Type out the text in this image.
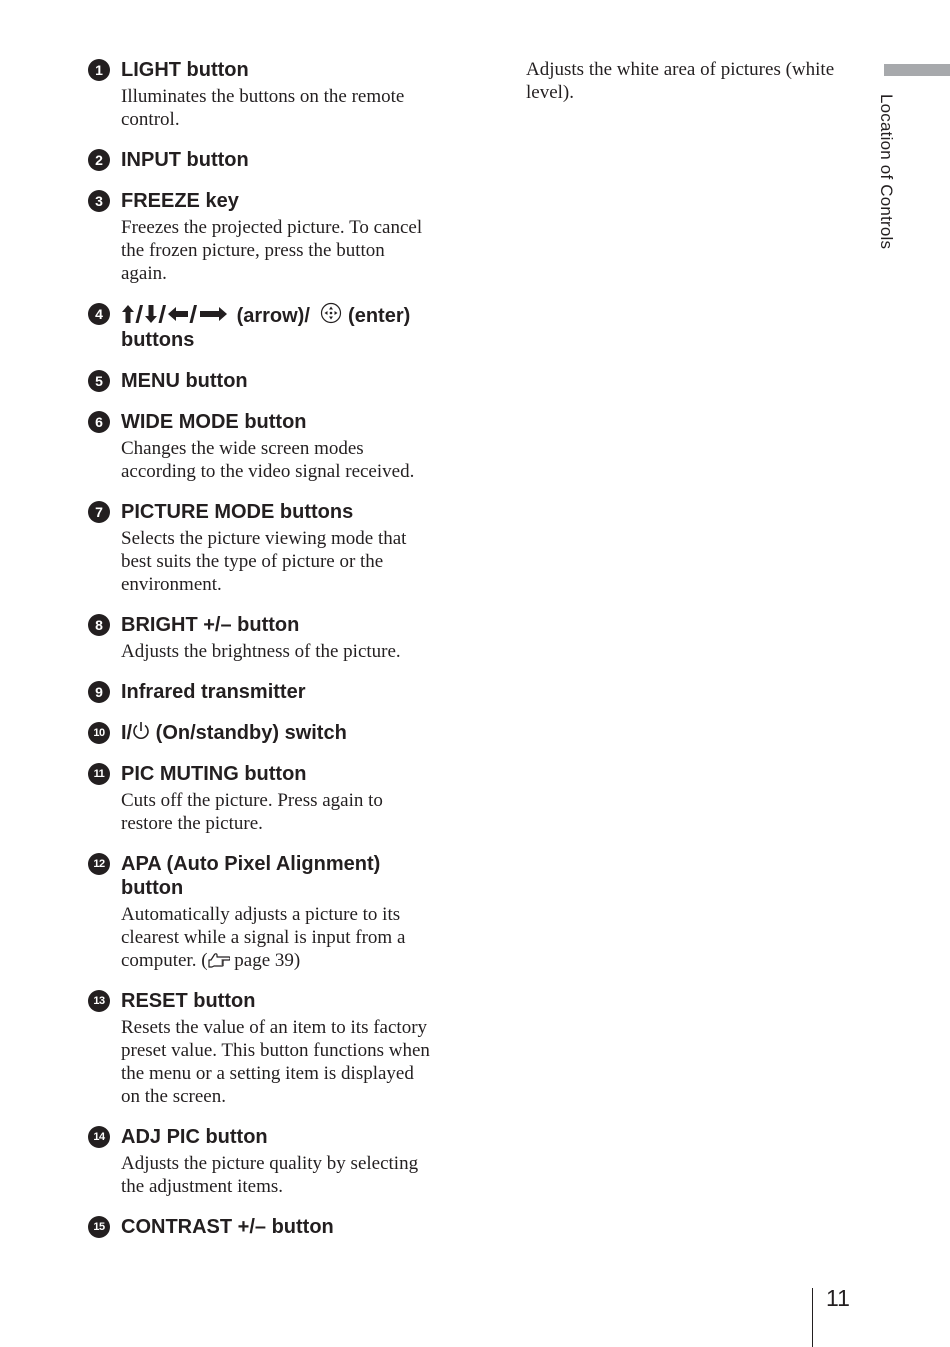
1 LIGHT button
Illuminates the buttons on the remote
control.
2 INPUT button
3 FREEZE key
Freezes the projected picture. To cancel
the frozen picture, press the button
again.
4	(arrow)/ (enter)
buttons
5 MENU button
6 WIDE MODE button
Changes the wide screen modes
according to the video signal received.
7 PICTURE MODE buttons
Selects the picture viewing mode that
best suits the type of picture or the
environment.
8 BRIGHT +/– button
Adjusts the brightness of the picture.
9 Infrared transmitter
10 I/ (On/standby) switch
11 PIC MUTING button
Cuts off the picture. Press again to
restore the picture.
12 APA (Auto Pixel Alignment)
button
Automatically adjusts a picture to its
clearest while a signal is input from a
computer. ( page 39)
13 RESET button
Resets the value of an item to its factory
preset value. This button functions when
the menu or a setting item is displayed
on the screen.
14 ADJ PIC button
Adjusts the picture quality by selecting
the adjustment items.
15 CONTRAST +/– button
Adjusts the white area of pictures (white
level).
Location of Controls
11
